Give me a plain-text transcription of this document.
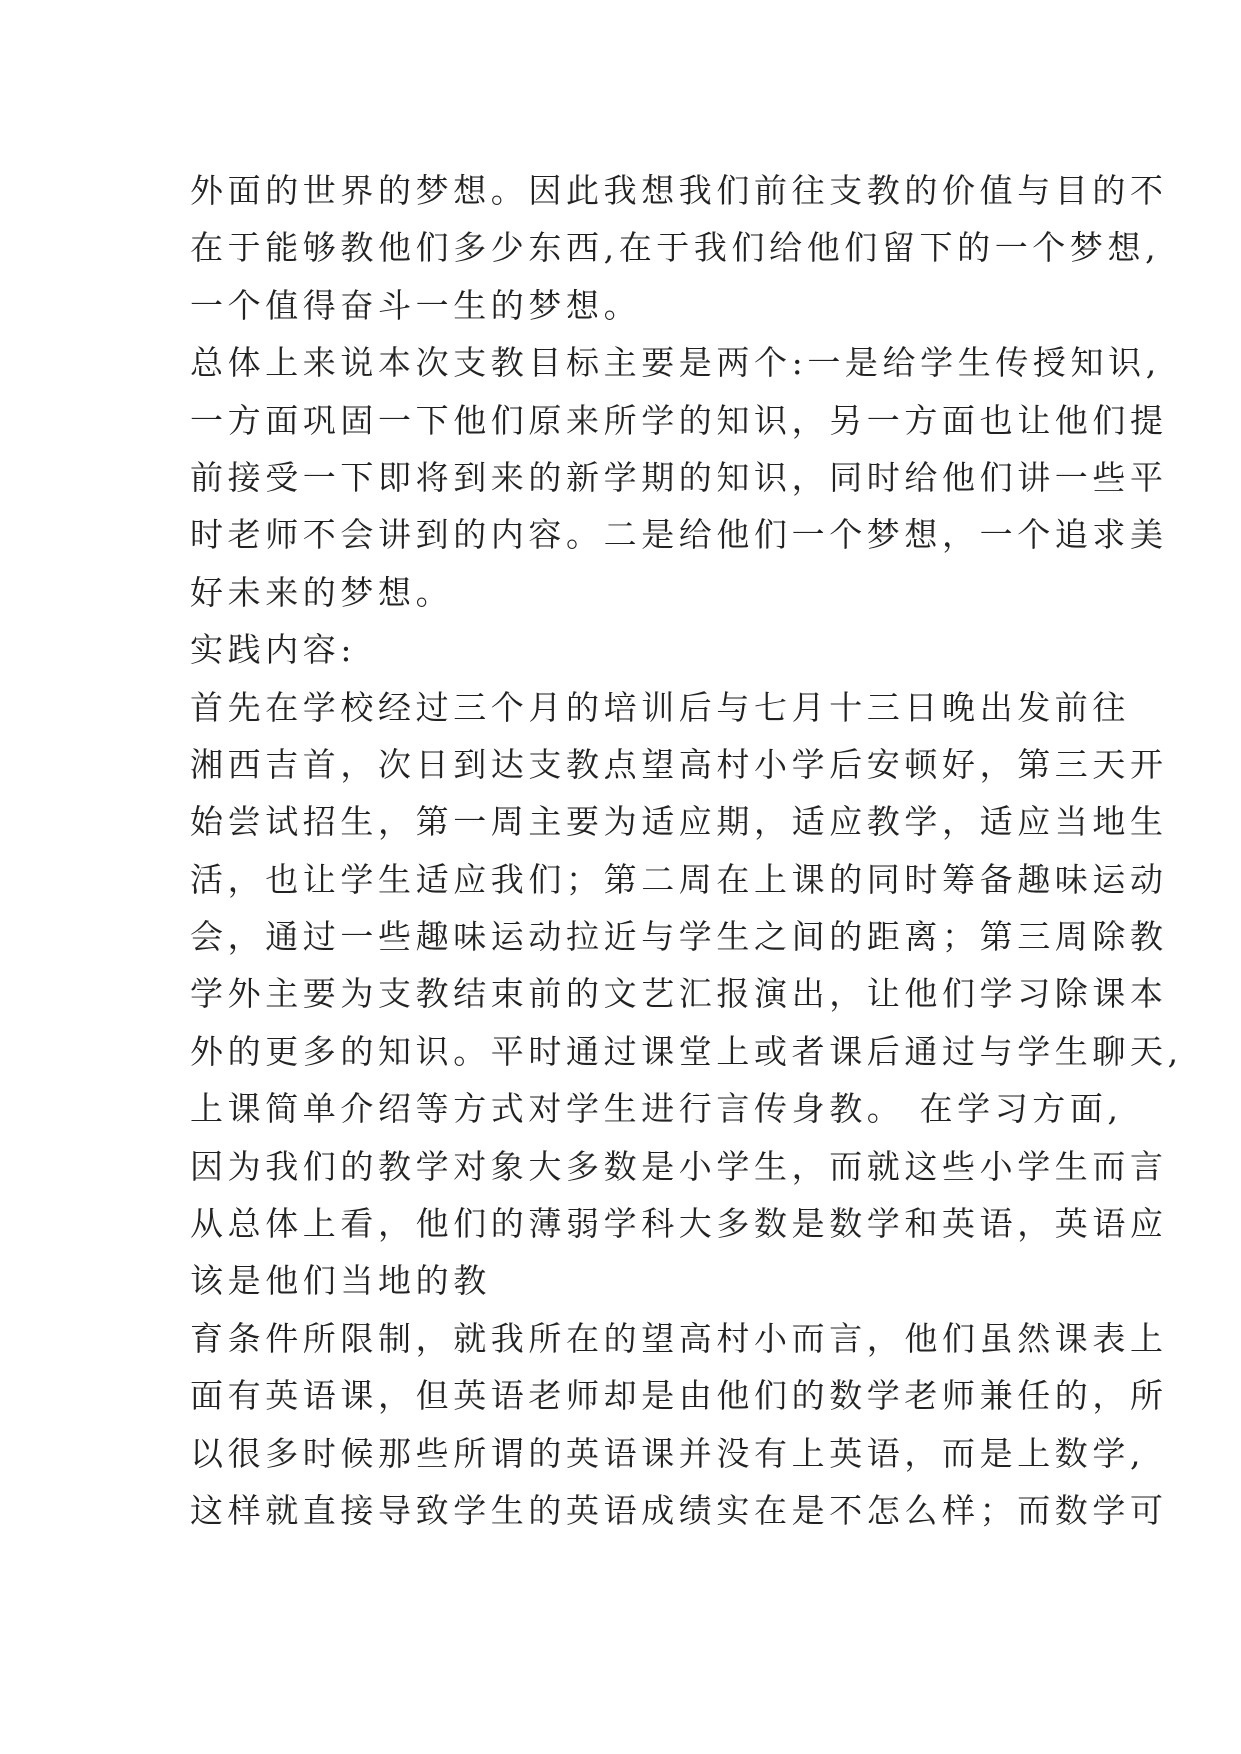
外面的世界的梦想。因此我想我们前往支教的价值与目的不
在于能够教他们多少东西,在于我们给他们留下的一个梦想,
一个值得奋斗一生的梦想。
总体上来说本次支教目标主要是两个:一是给学生传授知识,
一方面巩固一下他们原来所学的知识，另一方面也让他们提
前接受一下即将到来的新学期的知识，同时给他们讲一些平
时老师不会讲到的内容。二是给他们一个梦想，一个追求美
好未来的梦想。
实践内容:
首先在学校经过三个月的培训后与七月十三日晚出发前往
湘西吉首，次日到达支教点望高村小学后安顿好，第三天开
始尝试招生，第一周主要为适应期，适应教学，适应当地生
活，也让学生适应我们；第二周在上课的同时筹备趣味运动
会，通过一些趣味运动拉近与学生之间的距离；第三周除教
学外主要为支教结束前的文艺汇报演出，让他们学习除课本
外的更多的知识。平时通过课堂上或者课后通过与学生聊天,
上课简单介绍等方式对学生进行言传身教。 在学习方面,
因为我们的教学对象大多数是小学生，而就这些小学生而言
从总体上看，他们的薄弱学科大多数是数学和英语，英语应
该是他们当地的教
育条件所限制，就我所在的望高村小而言，他们虽然课表上
面有英语课，但英语老师却是由他们的数学老师兼任的，所
以很多时候那些所谓的英语课并没有上英语，而是上数学,
这样就直接导致学生的英语成绩实在是不怎么样；而数学可
